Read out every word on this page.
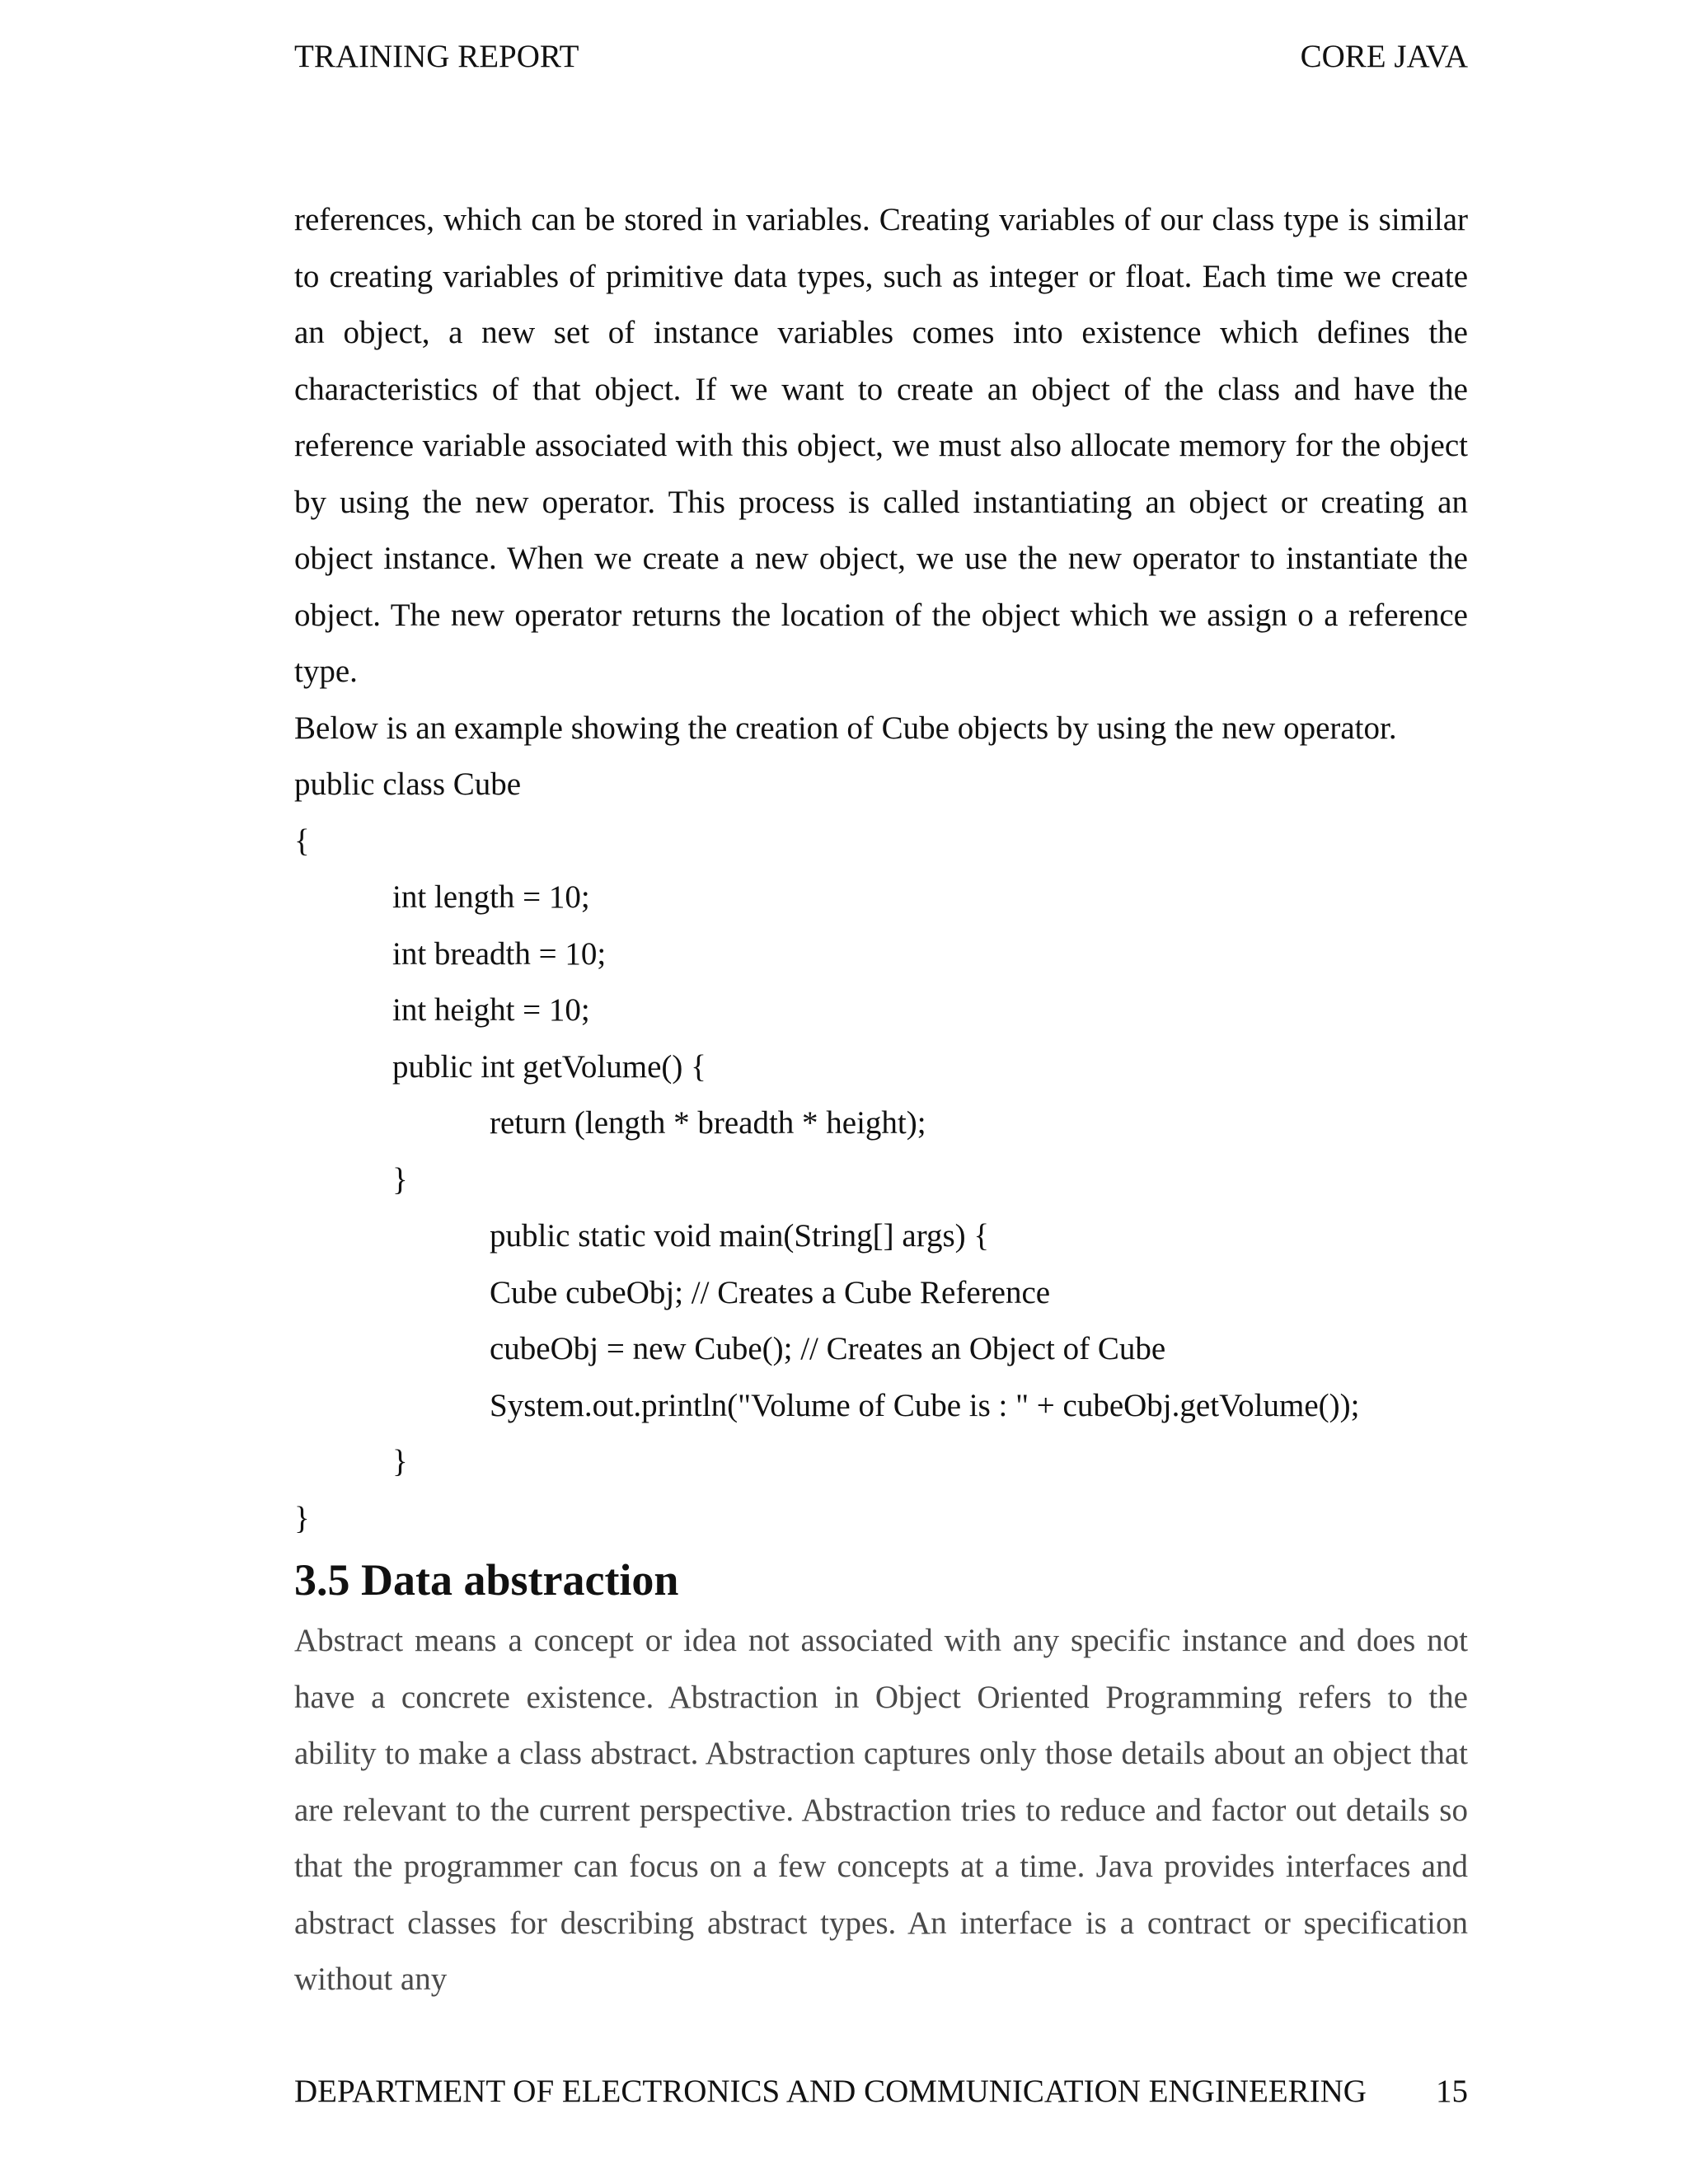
TRAINING REPORT	CORE JAVA

references, which can be stored in variables. Creating variables of our class type is similar to creating variables of primitive data types, such as integer or float. Each time we create an object, a new set of instance variables comes into existence which defines the characteristics of that object. If we want to create an object of the class and have the reference variable associated with this object, we must also allocate memory for the object by using the new operator. This process is called instantiating an object or creating an object instance. When we create a new object, we use the new operator to instantiate the object. The new operator returns the location of the object which we assign o a reference type.

Below is an example showing the creation of Cube objects by using the new operator.

public class Cube

{

int length = 10;

int breadth = 10;

int height = 10;

public int getVolume() {

return (length * breadth * height);

}

public static void main(String[] args) {

Cube cubeObj; // Creates a Cube Reference

cubeObj = new Cube(); // Creates an Object of Cube

System.out.println("Volume of Cube is : " + cubeObj.getVolume());

}

}

3.5 Data abstraction

Abstract means a concept or idea not associated with any specific instance and does not have a concrete existence. Abstraction in Object Oriented Programming refers to the ability to make a class abstract. Abstraction captures only those details about an object that are relevant to the current perspective. Abstraction tries to reduce and factor out details so that the programmer can focus on a few concepts at a time. Java provides interfaces and abstract classes for describing abstract types. An interface is a contract or specification without any

DEPARTMENT OF ELECTRONICS AND COMMUNICATION ENGINEERING 15
